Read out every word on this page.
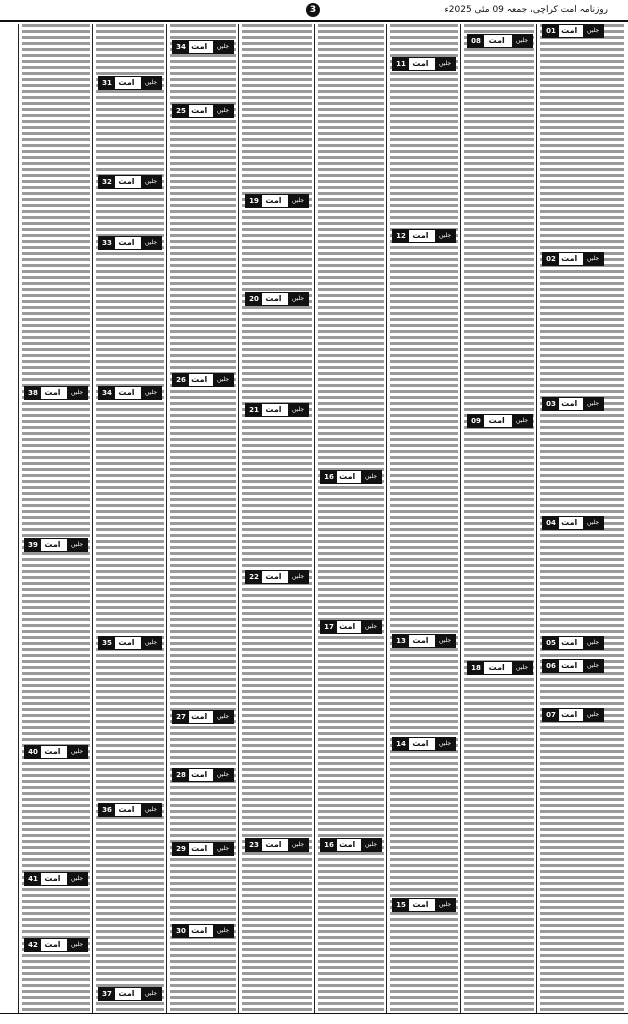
3	روزنامہ امت کراچی، جمعہ 09 مئی 2025ء
01 امت	جلیں
02 امت	جلیں
03 امت	جلیں
04 امت	جلیں
05 امت	جلیں
06 امت	جلیں
07 امت	جلیں
08 امت	جلیں
09 امت	جلیں
11 امت	جلیں
12 امت	جلیں
13 امت	جلیں
14 امت	جلیں
15 امت	جلیں
18 امت	جلیں
16 امت	جلیں
17 امت	جلیں
16 امت	جلیں
19 امت	جلیں
20 امت	جلیں
21 امت	جلیں
22 امت	جلیں
23 امت	جلیں
34 امت	جلیں
25 امت	جلیں
26 امت	جلیں
27 امت	جلیں
28 امت	جلیں
29 امت	جلیں
30 امت	جلیں
31 امت	جلیں
32 امت	جلیں
33 امت	جلیں
34 امت	جلیں
35 امت	جلیں
36 امت	جلیں
37 امت	جلیں
38 امت	جلیں
39 امت	جلیں
40 امت	جلیں
41 امت	جلیں
42 امت	جلیں
